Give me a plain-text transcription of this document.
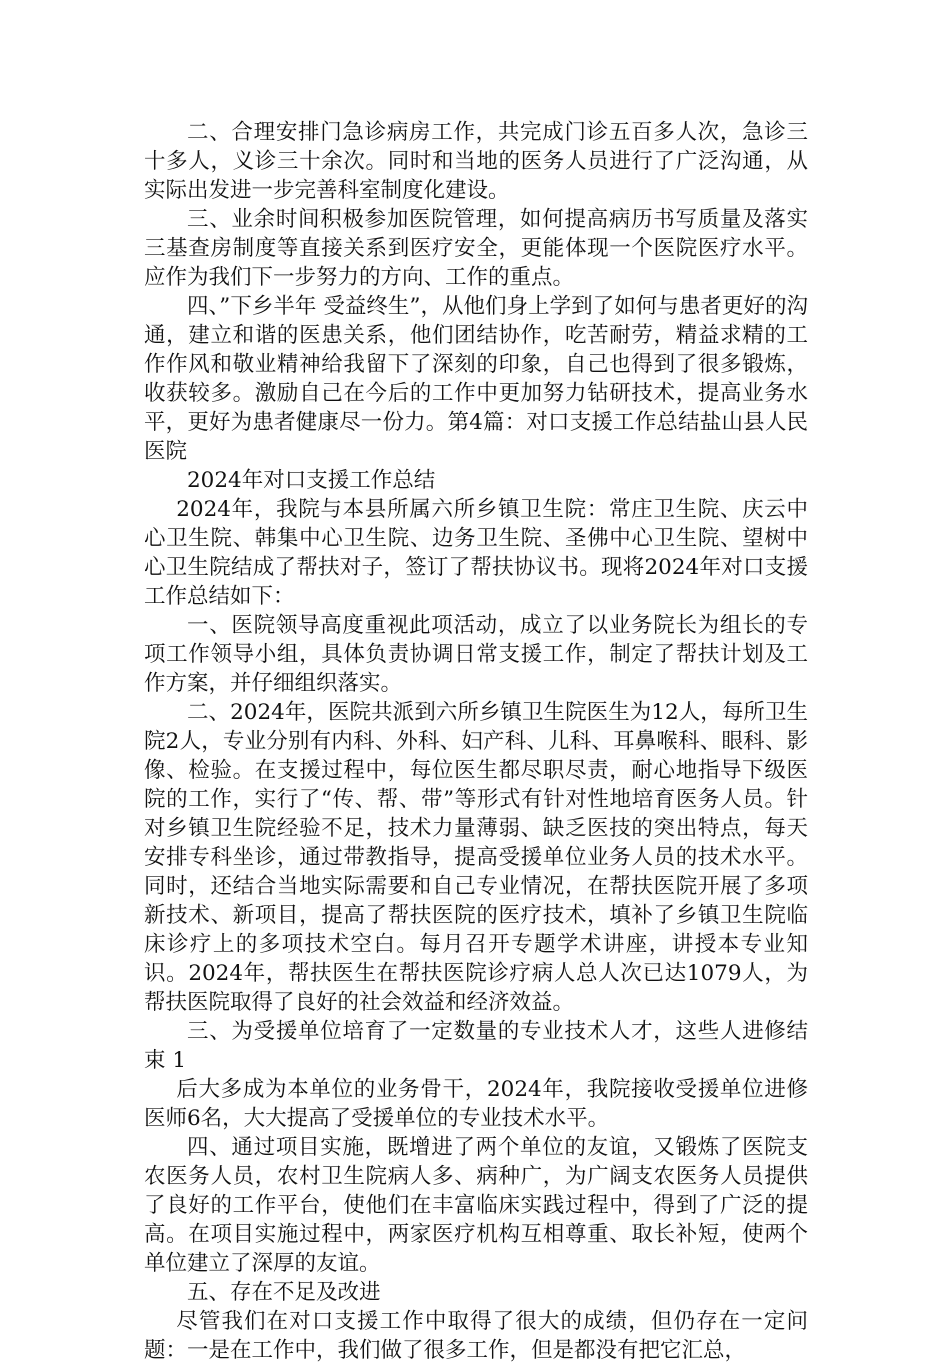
二、合理安排门急诊病房工作，共完成门诊五百多人次，急诊三十多人，义诊三十余次。同时和当地的医务人员进行了广泛沟通，从实际出发进一步完善科室制度化建设。

三、业余时间积极参加医院管理，如何提高病历书写质量及落实三基查房制度等直接关系到医疗安全，更能体现一个医院医疗水平。应作为我们下一步努力的方向、工作的重点。

四、”下乡半年 受益终生”，从他们身上学到了如何与患者更好的沟通，建立和谐的医患关系，他们团结协作，吃苦耐劳，精益求精的工作作风和敬业精神给我留下了深刻的印象，自己也得到了很多锻炼，收获较多。激励自己在今后的工作中更加努力钻研技术，提高业务水平，更好为患者健康尽一份力。第4篇：对口支援工作总结盐山县人民医院

2024年对口支援工作总结

2024年，我院与本县所属六所乡镇卫生院：常庄卫生院、庆云中心卫生院、韩集中心卫生院、边务卫生院、圣佛中心卫生院、望树中心卫生院结成了帮扶对子，签订了帮扶协议书。现将2024年对口支援工作总结如下：

一、医院领导高度重视此项活动，成立了以业务院长为组长的专项工作领导小组，具体负责协调日常支援工作，制定了帮扶计划及工作方案，并仔细组织落实。

二、2024年，医院共派到六所乡镇卫生院医生为12人，每所卫生院2人，专业分别有内科、外科、妇产科、儿科、耳鼻喉科、眼科、影像、检验。在支援过程中，每位医生都尽职尽责，耐心地指导下级医院的工作，实行了“传、帮、带”等形式有针对性地培育医务人员。针对乡镇卫生院经验不足，技术力量薄弱、缺乏医技的突出特点，每天安排专科坐诊，通过带教指导，提高受援单位业务人员的技术水平。同时，还结合当地实际需要和自己专业情况，在帮扶医院开展了多项新技术、新项目，提高了帮扶医院的医疗技术，填补了乡镇卫生院临床诊疗上的多项技术空白。每月召开专题学术讲座，讲授本专业知识。2024年，帮扶医生在帮扶医院诊疗病人总人次已达1079人，为帮扶医院取得了良好的社会效益和经济效益。

三、为受援单位培育了一定数量的专业技术人才，这些人进修结束 1

后大多成为本单位的业务骨干，2024年，我院接收受援单位进修医师6名，大大提高了受援单位的专业技术水平。

四、通过项目实施，既增进了两个单位的友谊，又锻炼了医院支农医务人员，农村卫生院病人多、病种广，为广阔支农医务人员提供了良好的工作平台，使他们在丰富临床实践过程中，得到了广泛的提高。在项目实施过程中，两家医疗机构互相尊重、取长补短，使两个单位建立了深厚的友谊。

五、存在不足及改进

尽管我们在对口支援工作中取得了很大的成绩，但仍存在一定问题：一是在工作中，我们做了很多工作，但是都没有把它汇总，
